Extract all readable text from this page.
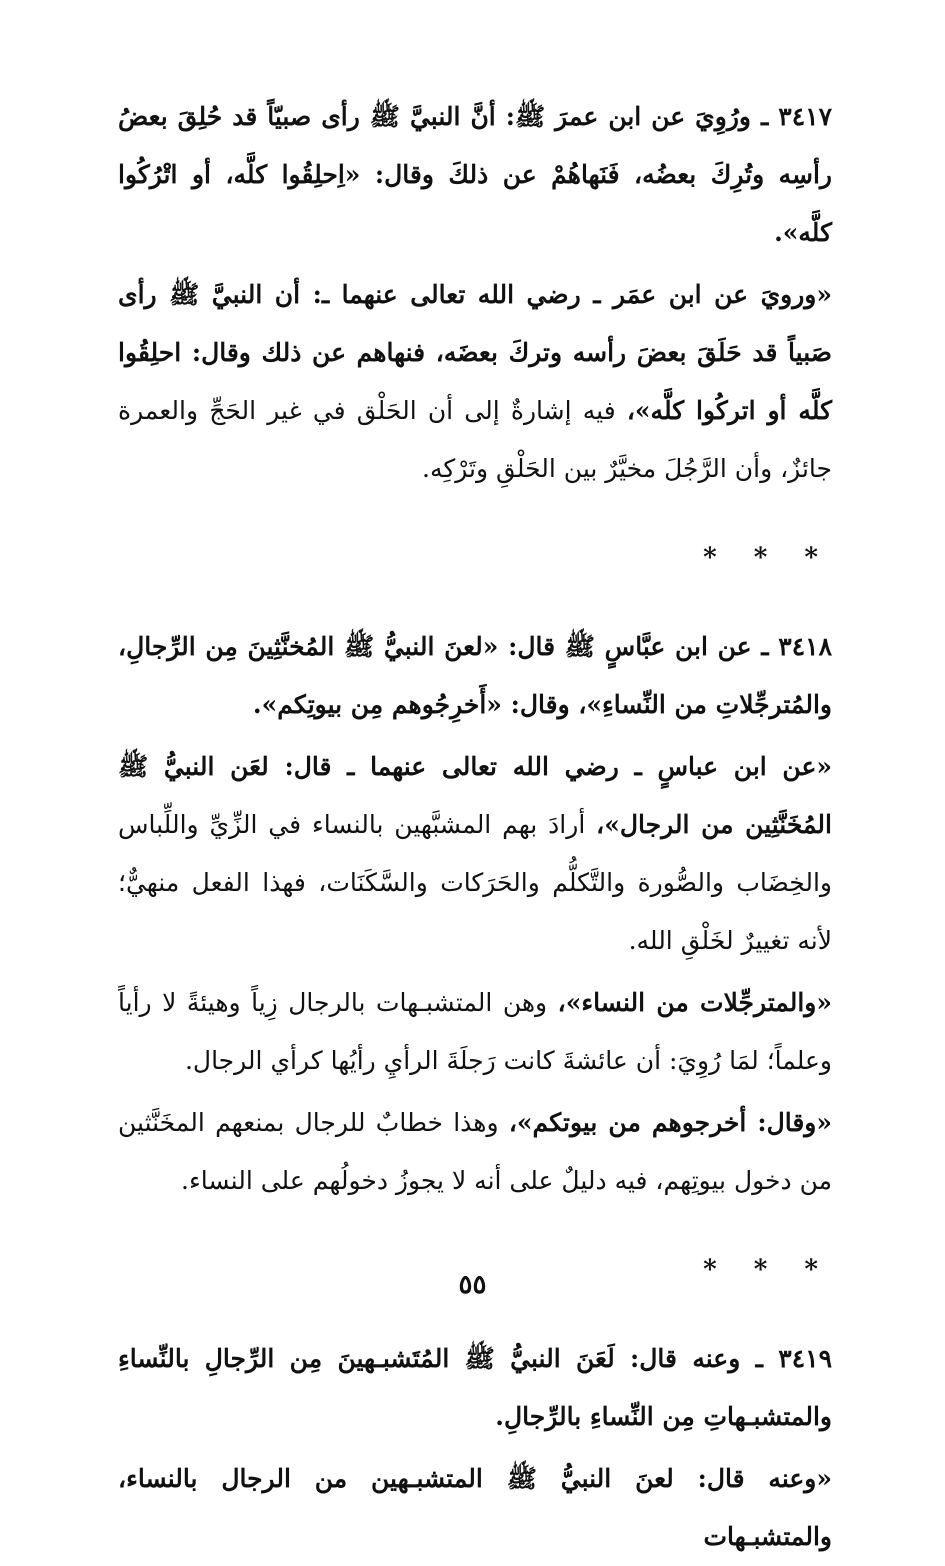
٣٤١٧ ـ ورُوِيَ عن ابن عمرَ ﷺ: أنَّ النبيَّ ﷺ رأى صبيّاً قد حُلِقَ بعضُ رأسِه وتُرِكَ بعضُه، فَنَهاهُمْ عن ذلكَ وقال: «اِحلِقُوا كلَّه، أو اتْرُكُوا كلَّه».

«ورويَ عن ابن عمَر ـ رضي الله تعالى عنهما ـ: أن النبيَّ ﷺ رأى صَبياً قد حَلَقَ بعضَ رأسه وتركَ بعضَه، فنهاهم عن ذلك وقال: احلِقُوا كلَّه أو اتركُوا كلَّه»، فيه إشارةٌ إلى أن الحَلْق في غير الحَجِّ والعمرة جائزٌ، وأن الرَّجُلَ مخيَّرٌ بين الحَلْقِ وتَرْكِه.

* * *

٣٤١٨ ـ عن ابن عبَّاسٍ ﷺ قال: «لعنَ النبيُّ ﷺ المُخنَّثِينَ مِن الرِّجالِ، والمُترجِّلاتِ من النِّساءِ»، وقال: «أَخرِجُوهم مِن بيوتِكم».

«عن ابن عباسٍ ـ رضي الله تعالى عنهما ـ قال: لعَن النبيُّ ﷺ المُخَنَّثِين من الرجال»، أرادَ بهم المشبَّهين بالنساء في الزِّيِّ واللِّباس والخِضَاب والصُّورة والتَّكلُّم والحَرَكات والسَّكَنَات، فهذا الفعل منهيٌّ؛ لأنه تغييرٌ لخَلْقِ الله.

«والمترجِّلات من النساء»، وهن المتشبـهات بالرجال زِياً وهيئةً لا رأياً وعلماً؛ لمَا رُوِيَ: أن عائشةَ كانت رَجلَةَ الرأيِ رأيُها كرأي الرجال.

«وقال: أخرجوهم من بيوتكم»، وهذا خطابٌ للرجال بمنعهم المخَنَّثين من دخول بيوتِهم، فيه دليلٌ على أنه لا يجوزُ دخولُهم على النساء.

* * *

٣٤١٩ ـ وعنه قال: لَعَنَ النبيُّ ﷺ المُتَشبـهينَ مِن الرِّجالِ بالنِّساءِ والمتشبـهاتِ مِن النِّساءِ بالرِّجالِ.

«وعنه قال: لعنَ النبيُّ ﷺ المتشبـهين من الرجال بالنساء، والمتشبـهات

٥٥
